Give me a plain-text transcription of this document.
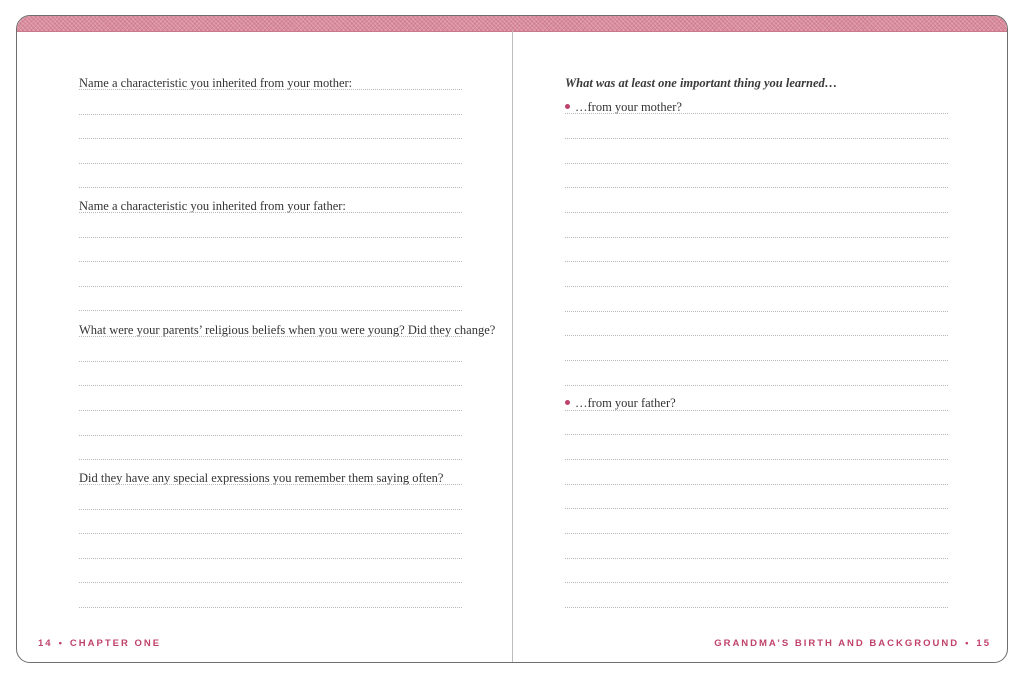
Name a characteristic you inherited from your mother:

Name a characteristic you inherited from your father:

What were your parents’ religious beliefs when you were young? Did they change?

Did they have any special expressions you remember them saying often?

14 • CHAPTER ONE

What was at least one important thing you learned…

…from your mother?
…from your father?
GRANDMA’S BIRTH AND BACKGROUND • 15
